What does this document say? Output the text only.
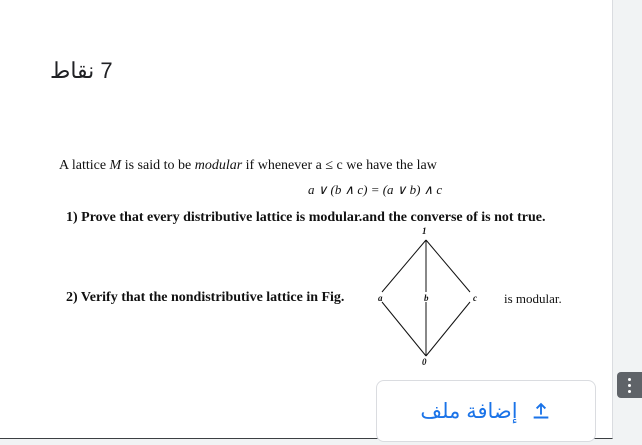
7 نقاط
A lattice M is said to be modular if whenever a ≤ c we have the law
a ∨ (b ∧ c) = (a ∨ b) ∧ c
1) Prove that every distributive lattice is modular.and the converse of is not true.
2) Verify that the nondistributive lattice in Fig.	is modular.
1
a	b	c
0
إضافة ملف
